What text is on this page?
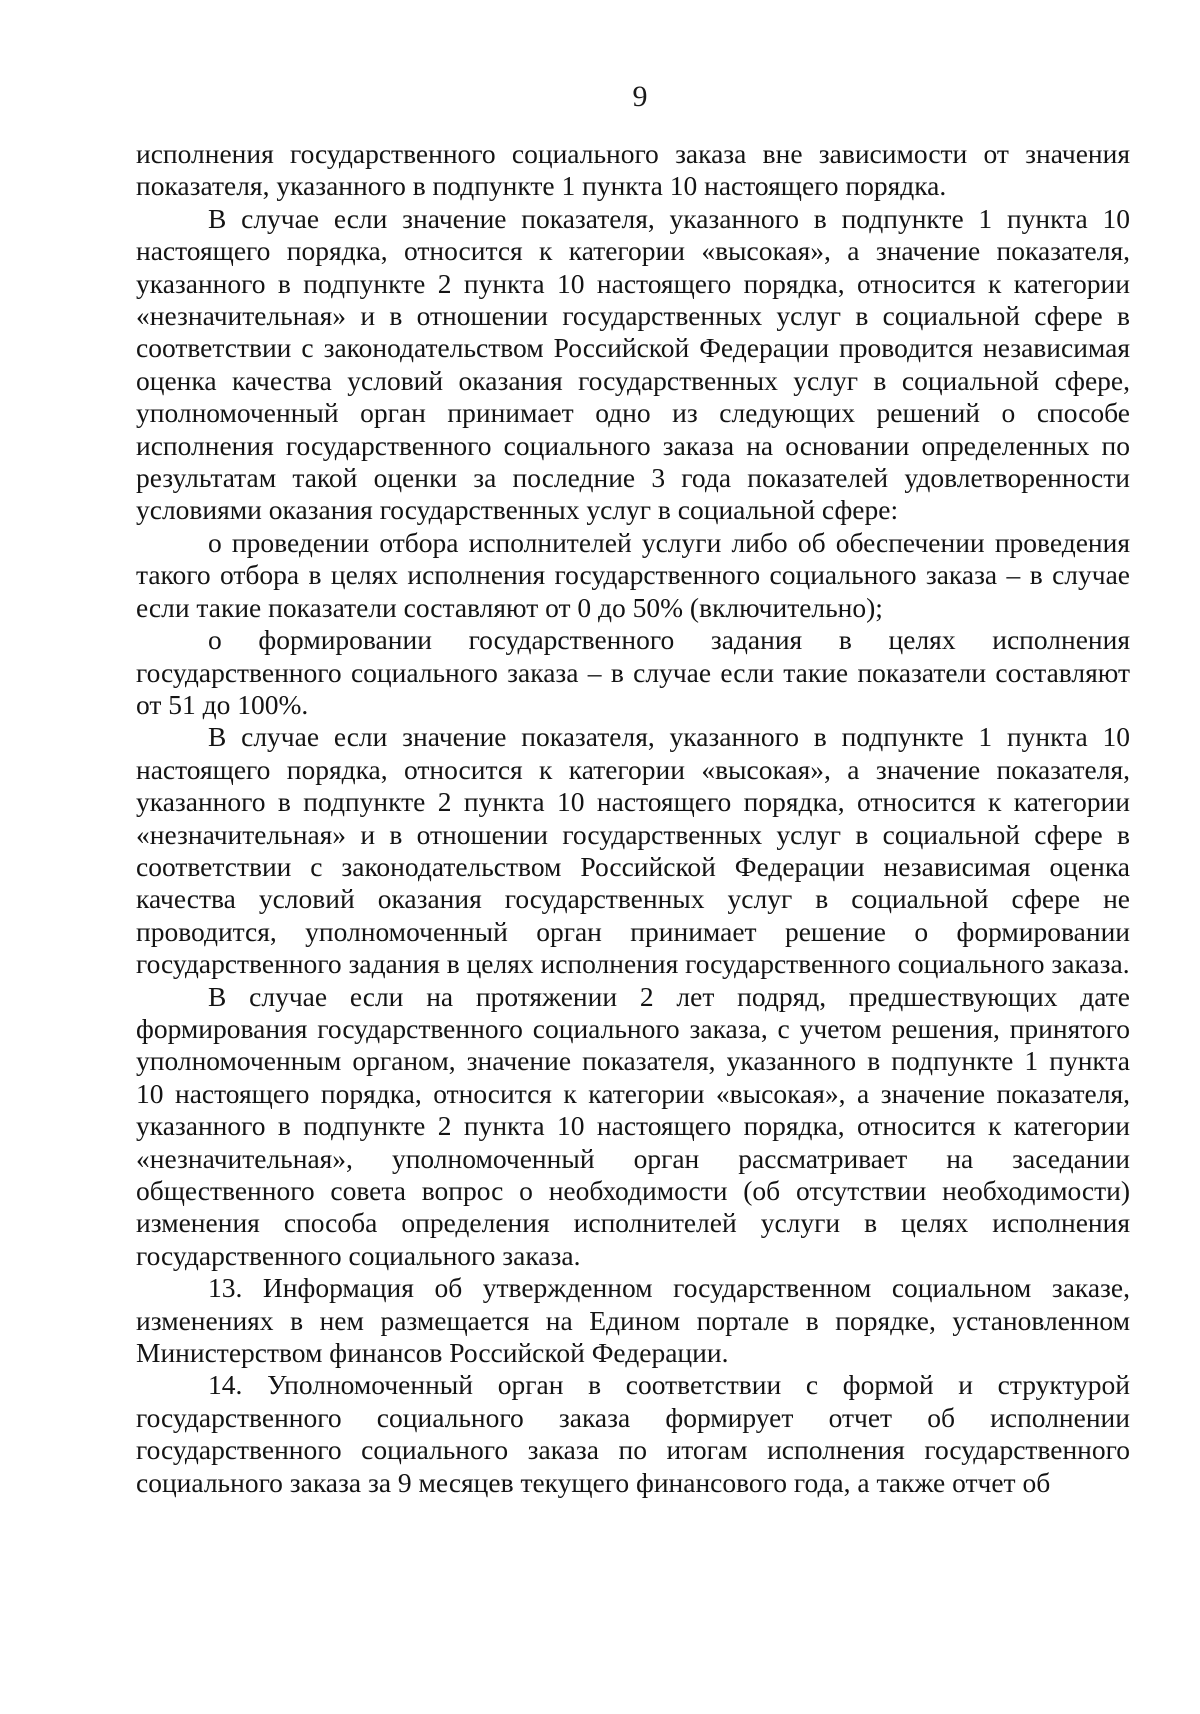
9

исполнения государственного социального заказа вне зависимости от значения показателя, указанного в подпункте 1 пункта 10 настоящего порядка.

В случае если значение показателя, указанного в подпункте 1 пункта 10 настоящего порядка, относится к категории «высокая», а значение показателя, указанного в подпункте 2 пункта 10 настоящего порядка, относится к категории «незначительная» и в отношении государственных услуг в социальной сфере в соответствии с законодательством Российской Федерации проводится независимая оценка качества условий оказания государственных услуг в социальной сфере, уполномоченный орган принимает одно из следующих решений о способе исполнения государственного социального заказа на основании определенных по результатам такой оценки за последние 3 года показателей удовлетворенности условиями оказания государственных услуг в социальной сфере:

о проведении отбора исполнителей услуги либо об обеспечении проведения такого отбора в целях исполнения государственного социального заказа – в случае если такие показатели составляют от 0 до 50% (включительно);

о формировании государственного задания в целях исполнения государственного социального заказа – в случае если такие показатели составляют от 51 до 100%.

В случае если значение показателя, указанного в подпункте 1 пункта 10 настоящего порядка, относится к категории «высокая», а значение показателя, указанного в подпункте 2 пункта 10 настоящего порядка, относится к категории «незначительная» и в отношении государственных услуг в социальной сфере в соответствии с законодательством Российской Федерации независимая оценка качества условий оказания государственных услуг в социальной сфере не проводится, уполномоченный орган принимает решение о формировании государственного задания в целях исполнения государственного социального заказа.

В случае если на протяжении 2 лет подряд, предшествующих дате формирования государственного социального заказа, с учетом решения, принятого уполномоченным органом, значение показателя, указанного в подпункте 1 пункта 10 настоящего порядка, относится к категории «высокая», а значение показателя, указанного в подпункте 2 пункта 10 настоящего порядка, относится к категории «незначительная», уполномоченный орган рассматривает на заседании общественного совета вопрос о необходимости (об отсутствии необходимости) изменения способа определения исполнителей услуги в целях исполнения государственного социального заказа.

13. Информация об утвержденном государственном социальном заказе, изменениях в нем размещается на Едином портале в порядке, установленном Министерством финансов Российской Федерации.

14. Уполномоченный орган в соответствии с формой и структурой государственного социального заказа формирует отчет об исполнении государственного социального заказа по итогам исполнения государственного социального заказа за 9 месяцев текущего финансового года, а также отчет об
